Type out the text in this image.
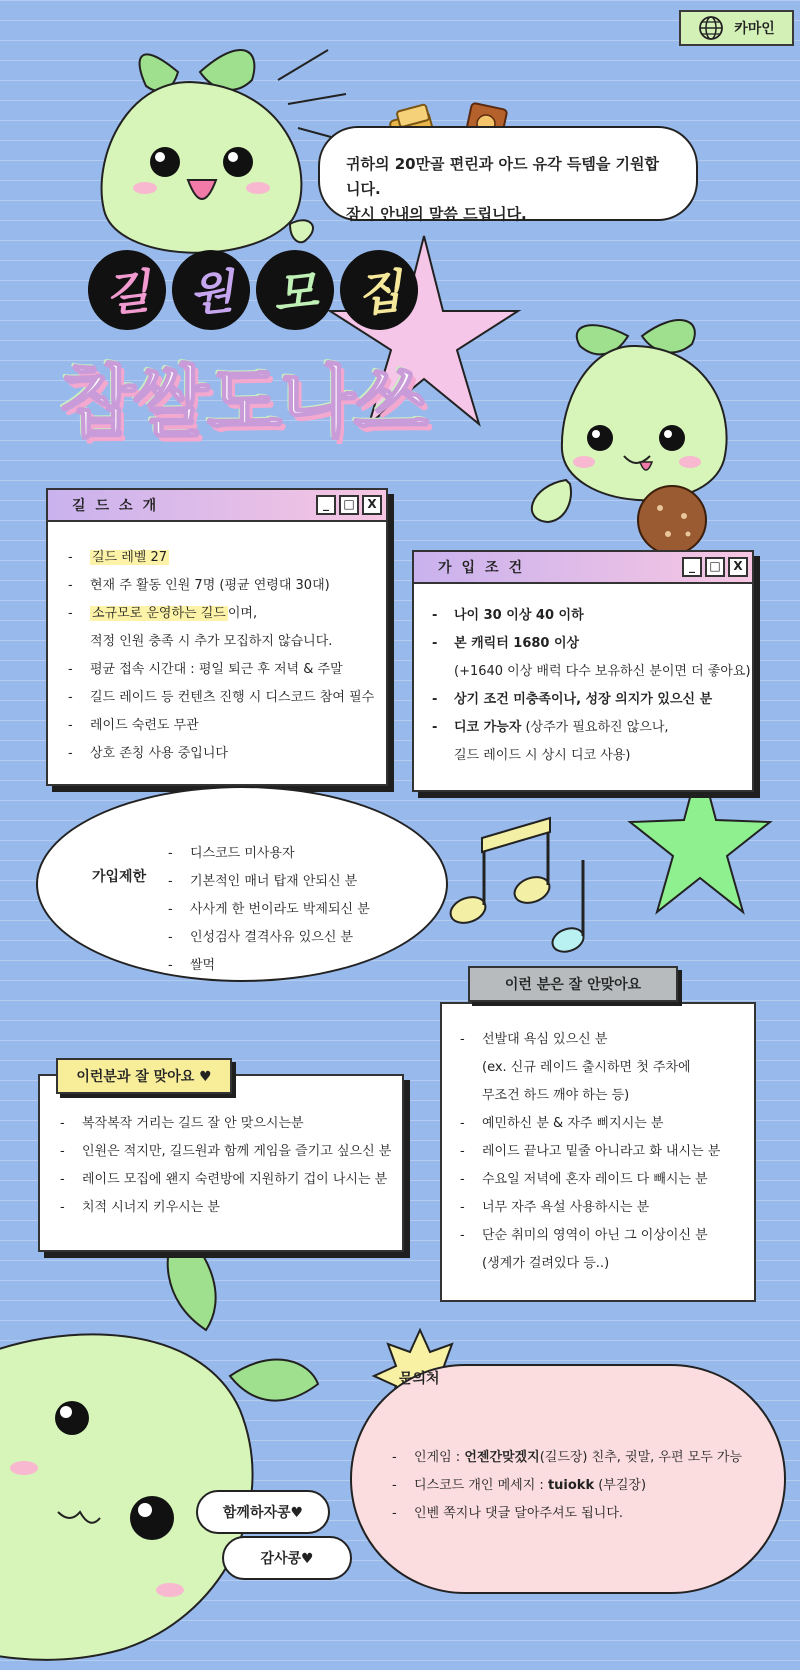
카마인
귀하의 20만골 편린과 아드 유각 득템을 기원합니다.
잠시 안내의 말씀 드립니다.
길 원 모 집
찹쌀도나쓰
길드소개	_	□	X
-	길드 레벨 27
-	현재 주 활동 인원 7명 (평균 연령대 30대)
-	소규모로 운영하는 길드 이며,
적정 인원 충족 시 추가 모집하지 않습니다.
-	평균 접속 시간대 : 평일 퇴근 후 저녁 & 주말
-	길드 레이드 등 컨텐츠 진행 시 디스코드 참여 필수
-	레이드 숙련도 무관
-	상호 존칭 사용 중입니다
가입조건	_	□	X
-	나이 30 이상 40 이하
-	본 캐릭터 1680 이상
(+1640 이상 배럭 다수 보유하신 분이면 더 좋아요)
-	상기 조건 미충족이나, 성장 의지가 있으신 분
-	디코 가능자 (상주가 필요하진 않으나,
길드 레이드 시 상시 디코 사용)
가입제한
-	디스코드 미사용자
-	기본적인 매너 탑재 안되신 분
-	사사게 한 번이라도 박제되신 분
-	인성검사 결격사유 있으신 분
-	쌀먹
이런 분은 잘 안맞아요
-	선발대 욕심 있으신 분
(ex. 신규 레이드 출시하면 첫 주차에
무조건 하드 깨야 하는 등)
-	예민하신 분 & 자주 삐지시는 분
-	레이드 끝나고 밑줄 아니라고 화 내시는 분
-	수요일 저녁에 혼자 레이드 다 빼시는 분
-	너무 자주 욕설 사용하시는 분
-	단순 취미의 영역이 아닌 그 이상이신 분
(생계가 걸려있다 등..)
이런분과 잘 맞아요 ♥
-	복작복작 거리는 길드 잘 안 맞으시는분
-	인원은 적지만, 길드원과 함께 게임을 즐기고 싶으신 분
-	레이드 모집에 왠지 숙련방에 지원하기 겁이 나시는 분
-	치적 시너지 키우시는 분
문의처
-	인게임 : 언젠간맞겠지(길드장) 친추, 귓말, 우편 모두 가능
-	디스코드 개인 메세지 : tuiokk (부길장)
-	인벤 쪽지나 댓글 달아주셔도 됩니다.
함께하자콩♥
감사콩♥
